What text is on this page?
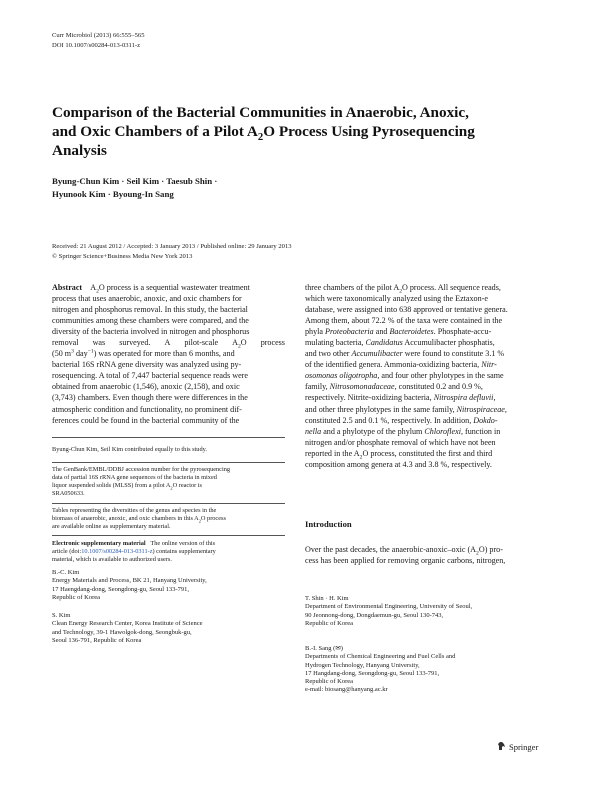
Curr Microbiol (2013) 66:555–565
DOI 10.1007/s00284-013-0311-z
Comparison of the Bacterial Communities in Anaerobic, Anoxic,
and Oxic Chambers of a Pilot $A_2O$ Process Using Pyrosequencing
Analysis
Byung-Chun Kim · Seil Kim · Taesub Shin ·
Hyunook Kim · Byoung-In Sang
Received: 21 August 2012 / Accepted: 3 January 2013 / Published online: 29 January 2013
© Springer Science+Business Media New York 2013
Abstract    $A_2O$ process is a sequential wastewater treatment
process that uses anaerobic, anoxic, and oxic chambers for
nitrogen and phosphorus removal. In this study, the bacterial
communities among these chambers were compared, and the
diversity of the bacteria involved in nitrogen and phosphorus
removal was surveyed. A pilot-scale $A_2O$ process
(50 $m^3$ day$^{-1}$) was operated for more than 6 months, and
bacterial 16S rRNA gene diversity was analyzed using py-
rosequencing. A total of 7,447 bacterial sequence reads were
obtained from anaerobic (1,546), anoxic (2,158), and oxic
(3,743) chambers. Even though there were differences in the
atmospheric condition and functionality, no prominent dif-
ferences could be found in the bacterial community of the
Byung-Chun Kim, Seil Kim contributed equally to this study.
The GenBank/EMBL/DDBJ accession number for the pyrosequencing
data of partial 16S rRNA gene sequences of the bacteria in mixed
liquor suspended solids (MLSS) from a pilot $A_2O$ reactor is
SRA050633.
Tables representing the diversities of the genus and species in the
biomass of anaerobic, anoxic, and oxic chambers in this $A_2O$ process
are available online as supplementary material.
Electronic supplementary material The online version of this
article (doi:10.1007/s00284-013-0311-z) contains supplementary
material, which is available to authorized users.
B.-C. Kim
Energy Materials and Process, BK 21, Hanyang University,
17 Haengdang-dong, Seongdong-gu, Seoul 133-791,
Republic of Korea
S. Kim
Clean Energy Research Center, Korea Institute of Science
and Technology, 39-1 Hawolgok-dong, Seongbuk-gu,
Seoul 136-791, Republic of Korea
three chambers of the pilot $A_2O$ process. All sequence reads,
which were taxonomically analyzed using the Eztaxon-e
database, were assigned into 638 approved or tentative genera.
Among them, about 72.2 % of the taxa were contained in the
phyla Proteobacteria and Bacteroidetes. Phosphate-accu-
mulating bacteria, Candidatus Accumulibacter phosphatis,
and two other Accumulibacter were found to constitute 3.1 %
of the identified genera. Ammonia-oxidizing bacteria, Nitr-
osomonas oligotropha, and four other phylotypes in the same
family, Nitrosomonadaceae, constituted 0.2 and 0.9 %,
respectively. Nitrite-oxidizing bacteria, Nitrospira defluvii,
and other three phylotypes in the same family, Nitrospiraceae,
constituted 2.5 and 0.1 %, respectively. In addition, Dokdo-
nella and a phylotype of the phylum Chloroflexi, function in
nitrogen and/or phosphate removal of which have not been
reported in the $A_2O$ process, constituted the first and third
composition among genera at 4.3 and 3.8 %, respectively.
Introduction
Over the past decades, the anaerobic-anoxic–oxic $(A_2O)$ pro-
cess has been applied for removing organic carbons, nitrogen,
T. Shin · H. Kim
Department of Environmental Engineering, University of Seoul,
90 Jeonnong-dong, Dongdaemun-gu, Seoul 130-743,
Republic of Korea
B.-I. Sang (✉)
Departments of Chemical Engineering and Fuel Cells and
Hydrogen Technology, Hanyang University,
17 Hangdang-dong, Seongdong-gu, Seoul 133-791,
Republic of Korea
e-mail: biosang@hanyang.ac.kr
Springer
